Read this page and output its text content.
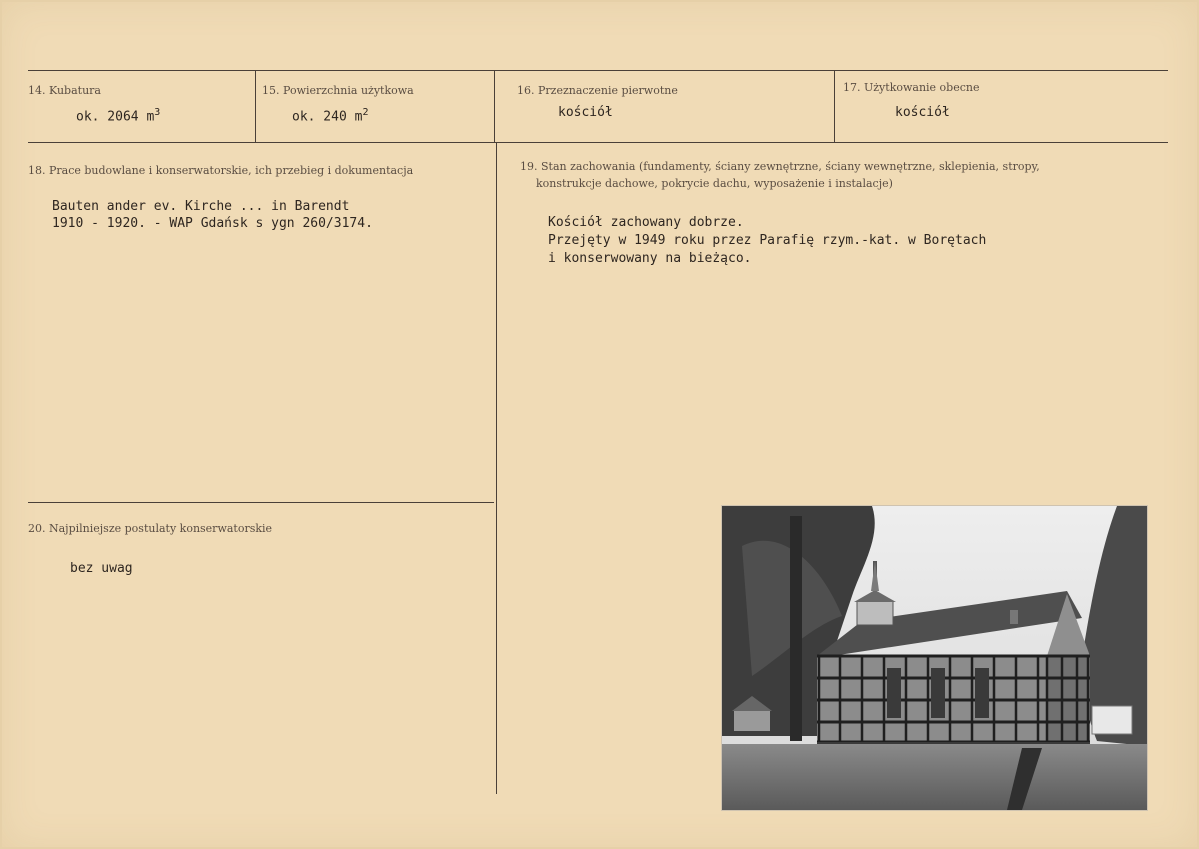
14. Kubatura
ok. 2064 $m^3$
15. Powierzchnia użytkowa
ok. 240 $m^2$
16. Przeznaczenie pierwotne
kościół
17. Użytkowanie obecne
kościół
18. Prace budowlane i konserwatorskie, ich przebieg i dokumentacja
Bauten ander ev. Kirche ... in Barendt
1910 - 1920. - WAP Gdańsk s ygn 260/3174.
19. Stan zachowania (fundamenty, ściany zewnętrzne, ściany wewnętrzne, sklepienia, stropy,
konstrukcje dachowe, pokrycie dachu, wyposażenie i instalacje)
Kościół zachowany dobrze.
Przejęty w 1949 roku przez Parafię rzym.-kat. w Borętach
i konserwowany na bieżąco.
20. Najpilniejsze postulaty konserwatorskie
bez uwag
